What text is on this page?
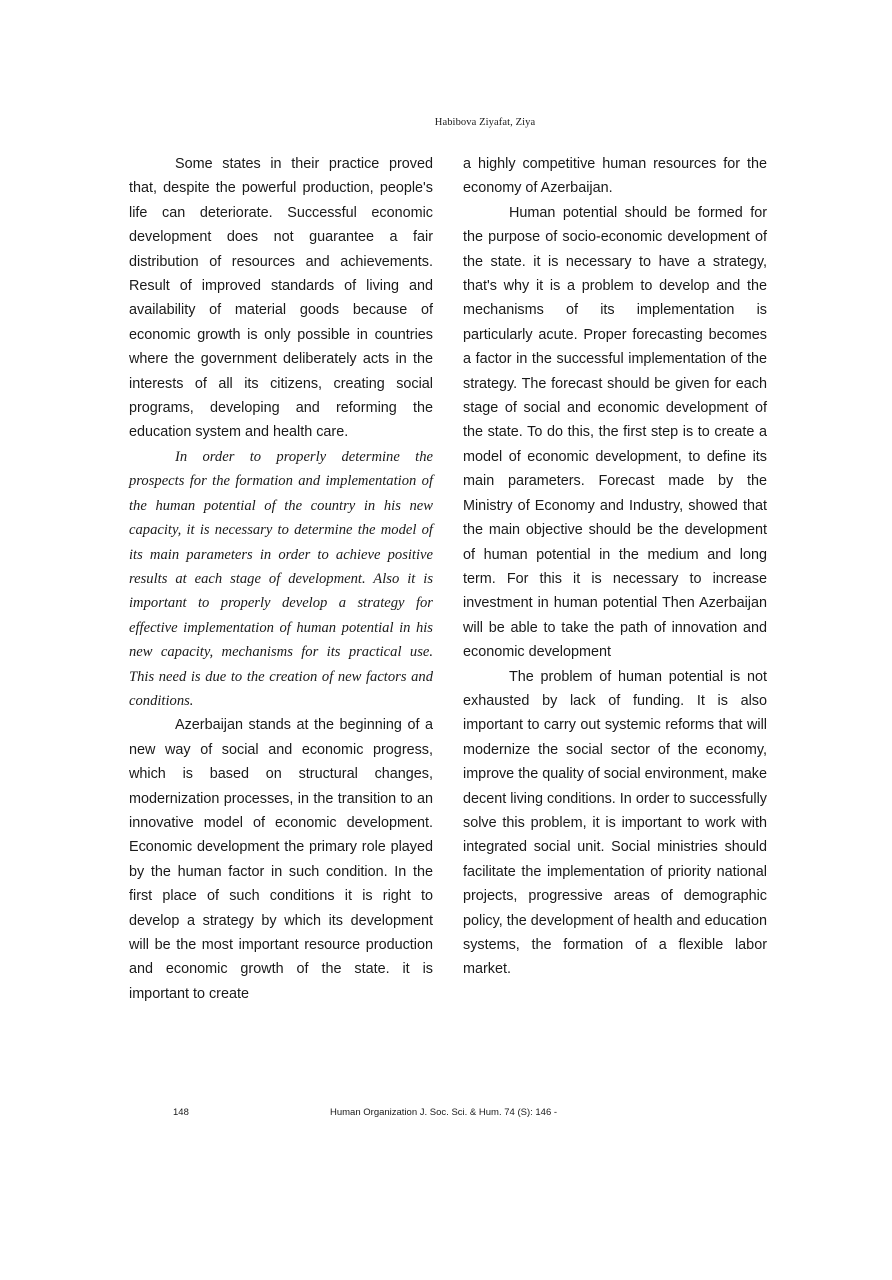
Habibova Ziyafat, Ziya

Some states in their practice proved that, despite the powerful production, people's life can deteriorate. Successful economic development does not guarantee a fair distribution of resources and achievements. Result of improved standards of living and availability of material goods because of economic growth is only possible in countries where the government deliberately acts in the interests of all its citizens, creating social programs, developing and reforming the education system and health care.

In order to properly determine the prospects for the formation and implementation of the human potential of the country in his new capacity, it is necessary to determine the model of its main parameters in order to achieve positive results at each stage of development. Also it is important to properly develop a strategy for effective implementation of human potential in his new capacity, mechanisms for its practical use. This need is due to the creation of new factors and conditions.

Azerbaijan stands at the beginning of a new way of social and economic progress, which is based on structural changes, modernization processes, in the transition to an innovative model of economic development. Economic development the primary role played by the human factor in such condition. In the first place of such conditions it is right to develop a strategy by which its development will be the most important resource production and economic growth of the state. it is important to create

a highly competitive human resources for the economy of Azerbaijan.

Human potential should be formed for the purpose of socio-economic development of the state. it is necessary to have a strategy, that's why it is a problem to develop and the mechanisms of its implementation is particularly acute. Proper forecasting becomes a factor in the successful implementation of the strategy. The forecast should be given for each stage of social and economic development of the state. To do this, the first step is to create a model of economic development, to define its main parameters. Forecast made by the Ministry of Economy and Industry, showed that the main objective should be the development of human potential in the medium and long term. For this it is necessary to increase investment in human potential Then Azerbaijan will be able to take the path of innovation and economic development

The problem of human potential is not exhausted by lack of funding. It is also important to carry out systemic reforms that will modernize the social sector of the economy, improve the quality of social environment, make decent living conditions. In order to successfully solve this problem, it is important to work with integrated social unit. Social ministries should facilitate the implementation of priority national projects, progressive areas of demographic policy, the development of health and education systems, the formation of a flexible labor market.

148	Human Organization J. Soc. Sci. & Hum. 74 (S): 146 -
